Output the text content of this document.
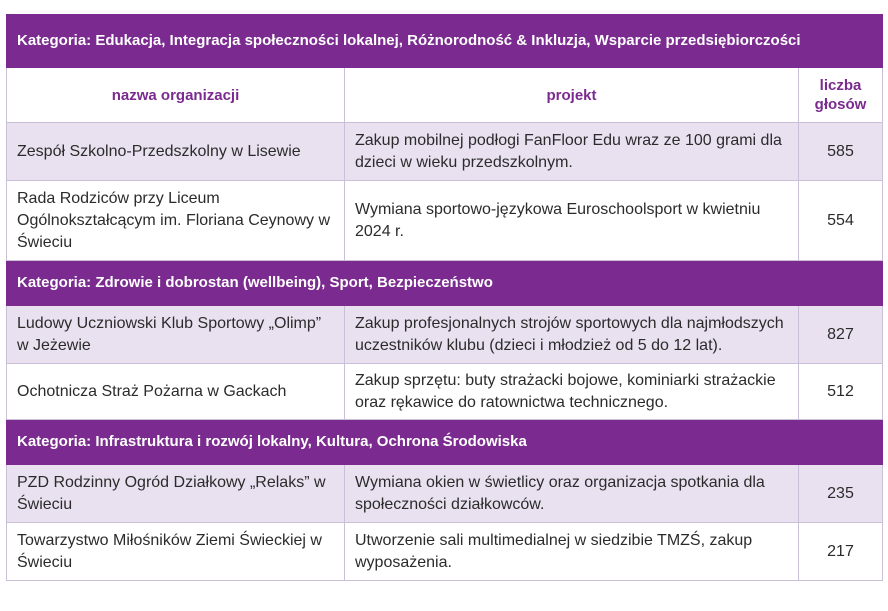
Kategoria: Edukacja, Integracja społeczności lokalnej, Różnorodność & Inkluzja, Wsparcie przedsiębiorczości		
nazwa organizacji	projekt	liczba głosów
Zespół Szkolno-Przedszkolny w Lisewie	Zakup mobilnej podłogi FanFloor Edu wraz ze 100 grami dla dzieci w wieku przedszkolnym.	585
Rada Rodziców przy Liceum Ogólnokształcącym im. Floriana Ceynowy w Świeciu	Wymiana sportowo-językowa Euroschoolsport w kwietniu 2024 r.	554
Kategoria: Zdrowie i dobrostan (wellbeing), Sport, Bezpieczeństwo		
Ludowy Uczniowski Klub Sportowy „Olimp” w Jeżewie	Zakup profesjonalnych strojów sportowych dla najmłodszych uczestników klubu (dzieci i młodzież od 5 do 12 lat).	827
Ochotnicza Straż Pożarna w Gackach	Zakup sprzętu: buty strażacki bojowe, kominiarki strażackie oraz rękawice do ratownictwa technicznego.	512
Kategoria: Infrastruktura i rozwój lokalny, Kultura, Ochrona Środowiska		
PZD Rodzinny Ogród Działkowy „Relaks” w Świeciu	Wymiana okien w świetlicy oraz organizacja spotkania dla społeczności działkowców.	235
Towarzystwo Miłośników Ziemi Świeckiej w Świeciu	Utworzenie sali multimedialnej w siedzibie TMZŚ, zakup wyposażenia.	217
